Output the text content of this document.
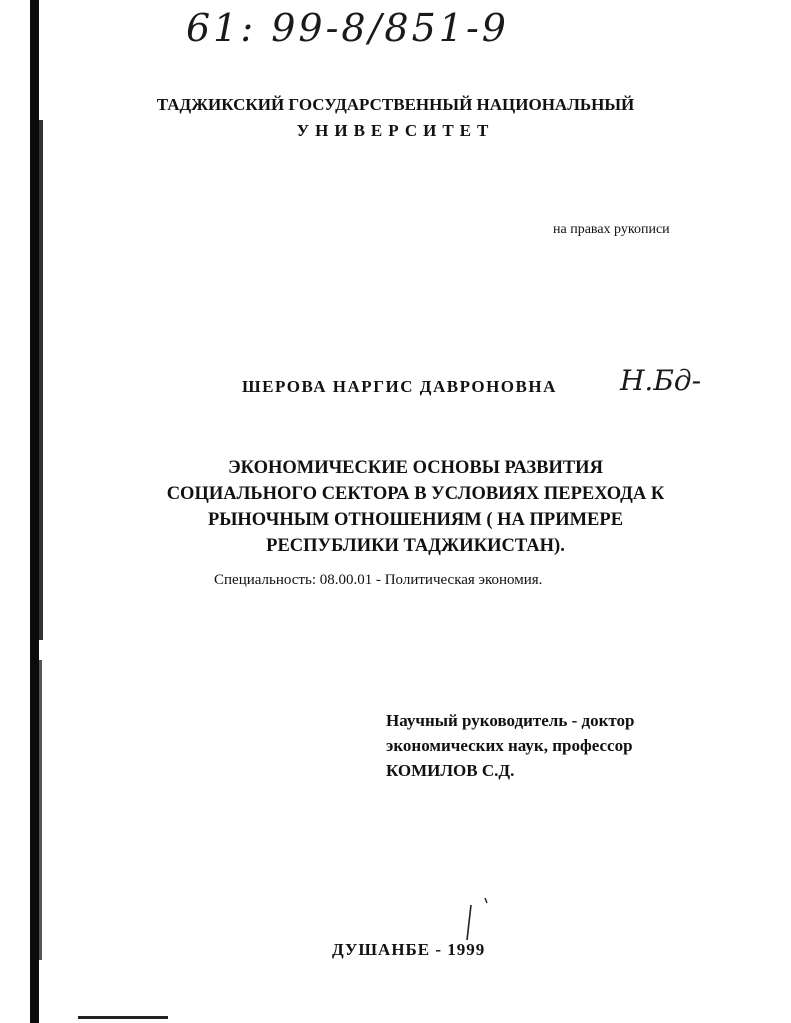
61: 99-8/851-9
ТАДЖИКСКИЙ ГОСУДАРСТВЕННЫЙ НАЦИОНАЛЬНЫЙ
УНИВЕРСИТЕТ
на правах рукописи
ШЕРОВА НАРГИС ДАВРОНОВНА Н.Бд-
ЭКОНОМИЧЕСКИЕ ОСНОВЫ РАЗВИТИЯ
СОЦИАЛЬНОГО СЕКТОРА В УСЛОВИЯХ ПЕРЕХОДА К
РЫНОЧНЫМ ОТНОШЕНИЯМ ( НА ПРИМЕРЕ
РЕСПУБЛИКИ ТАДЖИКИСТАН).
Специальность: 08.00.01 - Политическая экономия.
Научный руководитель - доктор
экономических наук, профессор
КОМИЛОВ С.Д.
ДУШАНБЕ - 1999
